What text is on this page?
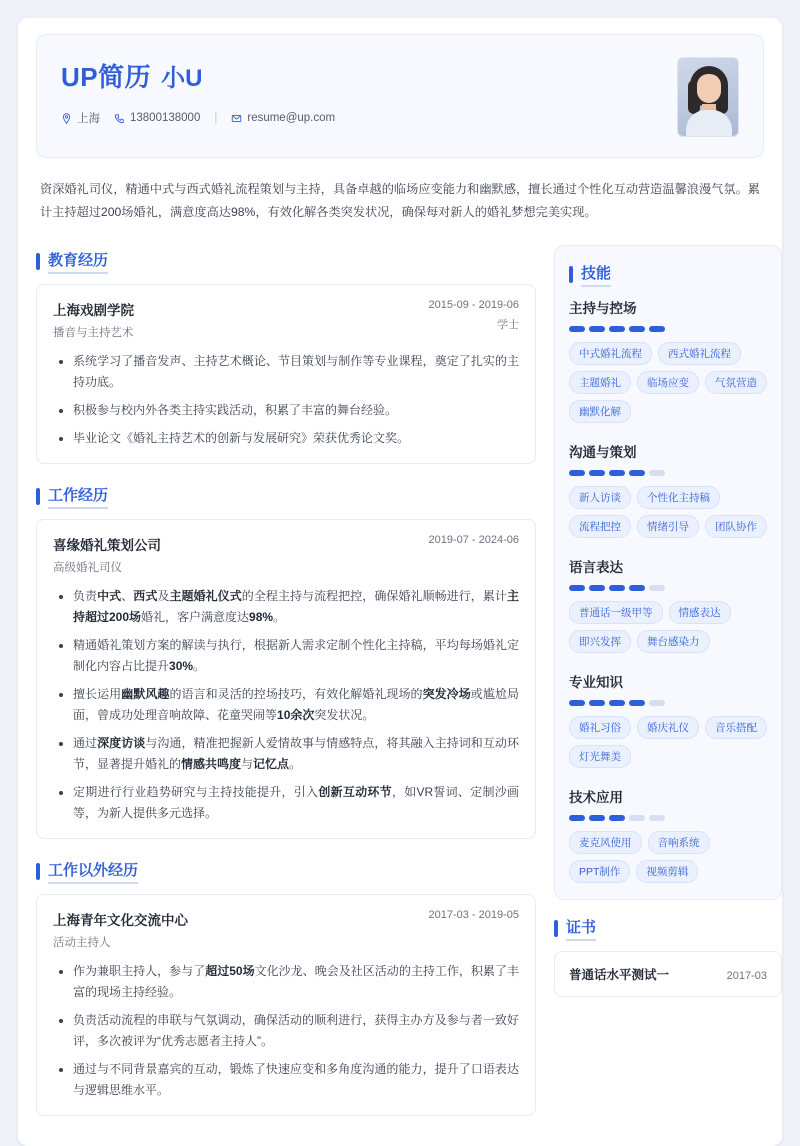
UP简历 小U
上海	13800138000 |	resume@up.com
资深婚礼司仪，精通中式与西式婚礼流程策划与主持，具备卓越的临场应变能力和幽默感，擅长通过个性化互动营造温馨浪漫气氛。累计主持超过200场婚礼，满意度高达98%，有效化解各类突发状况，确保每对新人的婚礼梦想完美实现。
教育经历
上海戏剧学院
播音与主持艺术
2015-09 - 2019-06
学士
• 系统学习了播音发声、主持艺术概论、节目策划与制作等专业课程，奠定了扎实的主持功底。
• 积极参与校内外各类主持实践活动，积累了丰富的舞台经验。
• 毕业论文《婚礼主持艺术的创新与发展研究》荣获优秀论文奖。
工作经历
喜缘婚礼策划公司
高级婚礼司仪
2019-07 - 2024-06
• 负责中式、西式及主题婚礼仪式的全程主持与流程把控，确保婚礼顺畅进行，累计主持超过200场婚礼，客户满意度达98%。
• 精通婚礼策划方案的解读与执行，根据新人需求定制个性化主持稿，平均每场婚礼定制化内容占比提升30%。
• 擅长运用幽默风趣的语言和灵活的控场技巧，有效化解婚礼现场的突发冷场或尴尬局面，曾成功处理音响故障、花童哭闹等10余次突发状况。
• 通过深度访谈与沟通，精准把握新人爱情故事与情感特点，将其融入主持词和互动环节，显著提升婚礼的情感共鸣度与记忆点。
• 定期进行行业趋势研究与主持技能提升，引入创新互动环节，如VR誓词、定制沙画等，为新人提供多元选择。
工作以外经历
上海青年文化交流中心
活动主持人
2017-03 - 2019-05
• 作为兼职主持人，参与了超过50场文化沙龙、晚会及社区活动的主持工作，积累了丰富的现场主持经验。
• 负责活动流程的串联与气氛调动，确保活动的顺利进行，获得主办方及参与者一致好评，多次被评为“优秀志愿者主持人”。
• 通过与不同背景嘉宾的互动，锻炼了快速应变和多角度沟通的能力，提升了口语表达与逻辑思维水平。
技能
主持与控场
中式婚礼流程	西式婚礼流程
主题婚礼	临场应变	气氛营造
幽默化解
沟通与策划
新人访谈	个性化主持稿
流程把控	情绪引导	团队协作
语言表达
普通话一级甲等	情感表达
即兴发挥	舞台感染力
专业知识
婚礼习俗	婚庆礼仪	音乐搭配
灯光舞美
技术应用
麦克风使用	音响系统
PPT制作	视频剪辑
证书
普通话水平测试一	2017-03
